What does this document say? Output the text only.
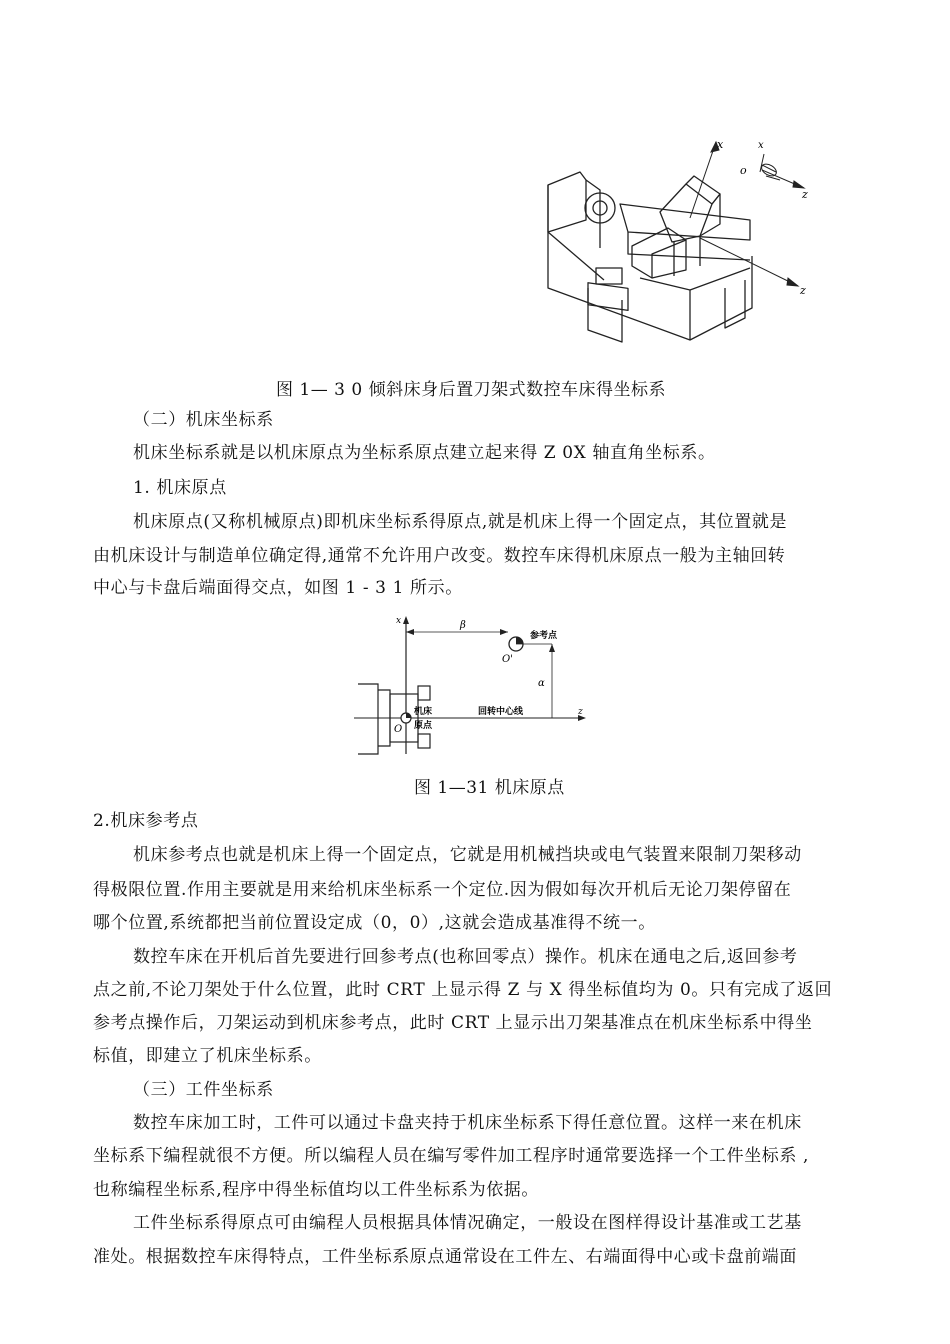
x
z
z
o
x
图 1— 3 0 倾斜床身后置刀架式数控车床得坐标系
（二）机床坐标系
机床坐标系就是以机床原点为坐标系原点建立起来得 Z 0X 轴直角坐标系。
1. 机床原点
机床原点(又称机械原点)即机床坐标系得原点,就是机床上得一个固定点，其位置就是
由机床设计与制造单位确定得,通常不允许用户改变。数控车床得机床原点一般为主轴回转
中心与卡盘后端面得交点，如图 1 - 3 1 所示。
x	β
参考点
O'
α
回转中心线	z
机床
原点
O
图 1—31 机床原点
2.机床参考点
机床参考点也就是机床上得一个固定点，它就是用机械挡块或电气装置来限制刀架移动
得极限位置.作用主要就是用来给机床坐标系一个定位.因为假如每次开机后无论刀架停留在
哪个位置,系统都把当前位置设定成（0，0）,这就会造成基准得不统一。
数控车床在开机后首先要进行回参考点(也称回零点）操作。机床在通电之后,返回参考
点之前,不论刀架处于什么位置，此时 CRT 上显示得 Z 与 X 得坐标值均为 0。只有完成了返回
参考点操作后，刀架运动到机床参考点，此时 CRT 上显示出刀架基准点在机床坐标系中得坐
标值，即建立了机床坐标系。
（三）工件坐标系
数控车床加工时，工件可以通过卡盘夹持于机床坐标系下得任意位置。这样一来在机床
坐标系下编程就很不方便。所以编程人员在编写零件加工程序时通常要选择一个工件坐标系 ,
也称编程坐标系,程序中得坐标值均以工件坐标系为依据。
工件坐标系得原点可由编程人员根据具体情况确定，一般设在图样得设计基准或工艺基
准处。根据数控车床得特点，工件坐标系原点通常设在工件左、右端面得中心或卡盘前端面
